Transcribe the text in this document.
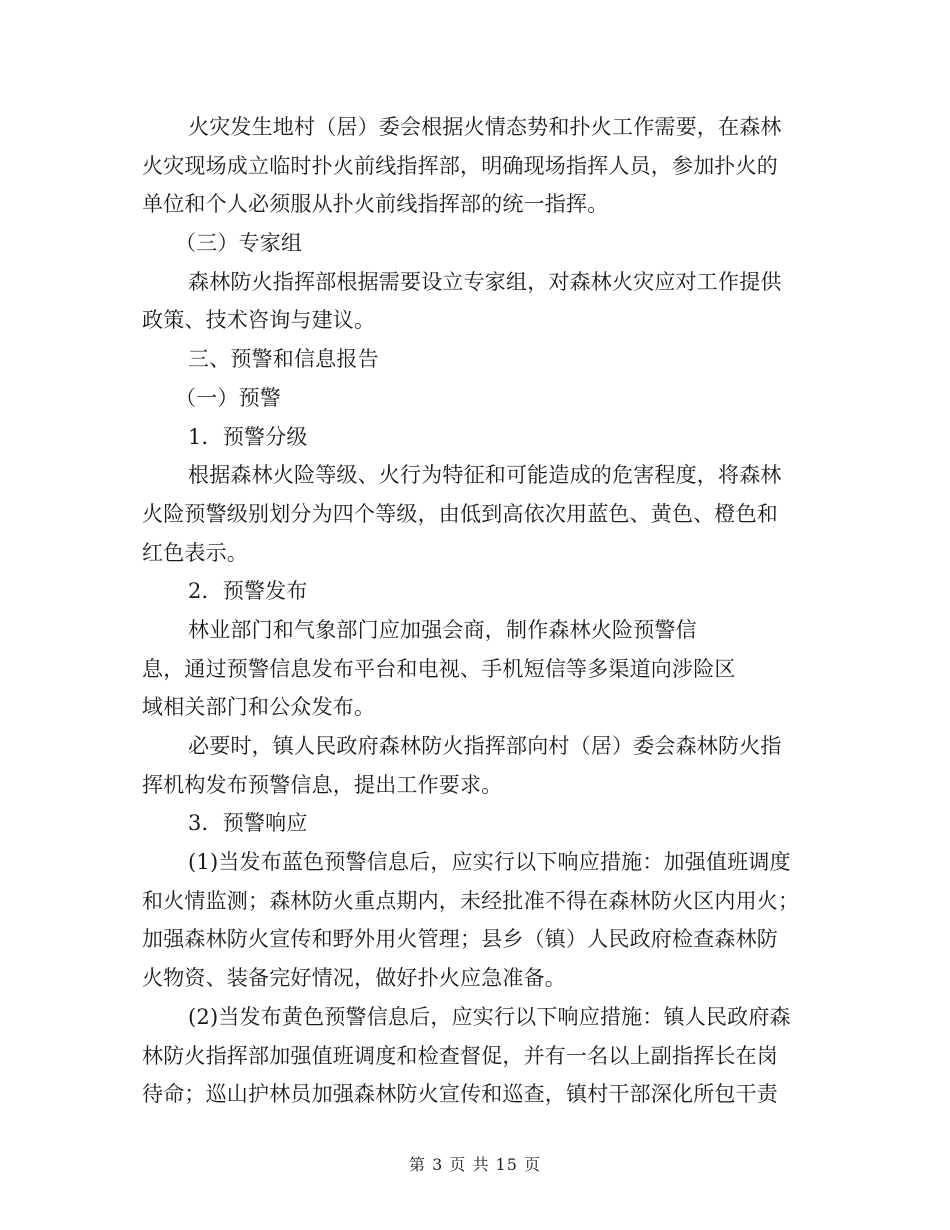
火灾发生地村（居）委会根据火情态势和扑火工作需要，在森林
火灾现场成立临时扑火前线指挥部，明确现场指挥人员，参加扑火的
单位和个人必须服从扑火前线指挥部的统一指挥。
（三）专家组
森林防火指挥部根据需要设立专家组，对森林火灾应对工作提供
政策、技术咨询与建议。
三、预警和信息报告
（一）预警
1．预警分级
根据森林火险等级、火行为特征和可能造成的危害程度，将森林
火险预警级别划分为四个等级，由低到高依次用蓝色、黄色、橙色和
红色表示。
2．预警发布
林业部门和气象部门应加强会商，制作森林火险预警信
息，通过预警信息发布平台和电视、手机短信等多渠道向涉险区
域相关部门和公众发布。
必要时，镇人民政府森林防火指挥部向村（居）委会森林防火指
挥机构发布预警信息，提出工作要求。
3．预警响应
(1)当发布蓝色预警信息后，应实行以下响应措施：加强值班调度
和火情监测；森林防火重点期内，未经批准不得在森林防火区内用火；
加强森林防火宣传和野外用火管理；县乡（镇）人民政府检查森林防
火物资、装备完好情况，做好扑火应急准备。
(2)当发布黄色预警信息后，应实行以下响应措施：镇人民政府森
林防火指挥部加强值班调度和检查督促，并有一名以上副指挥长在岗
待命；巡山护林员加强森林防火宣传和巡查，镇村干部深化所包干责
第 3 页 共 15 页
